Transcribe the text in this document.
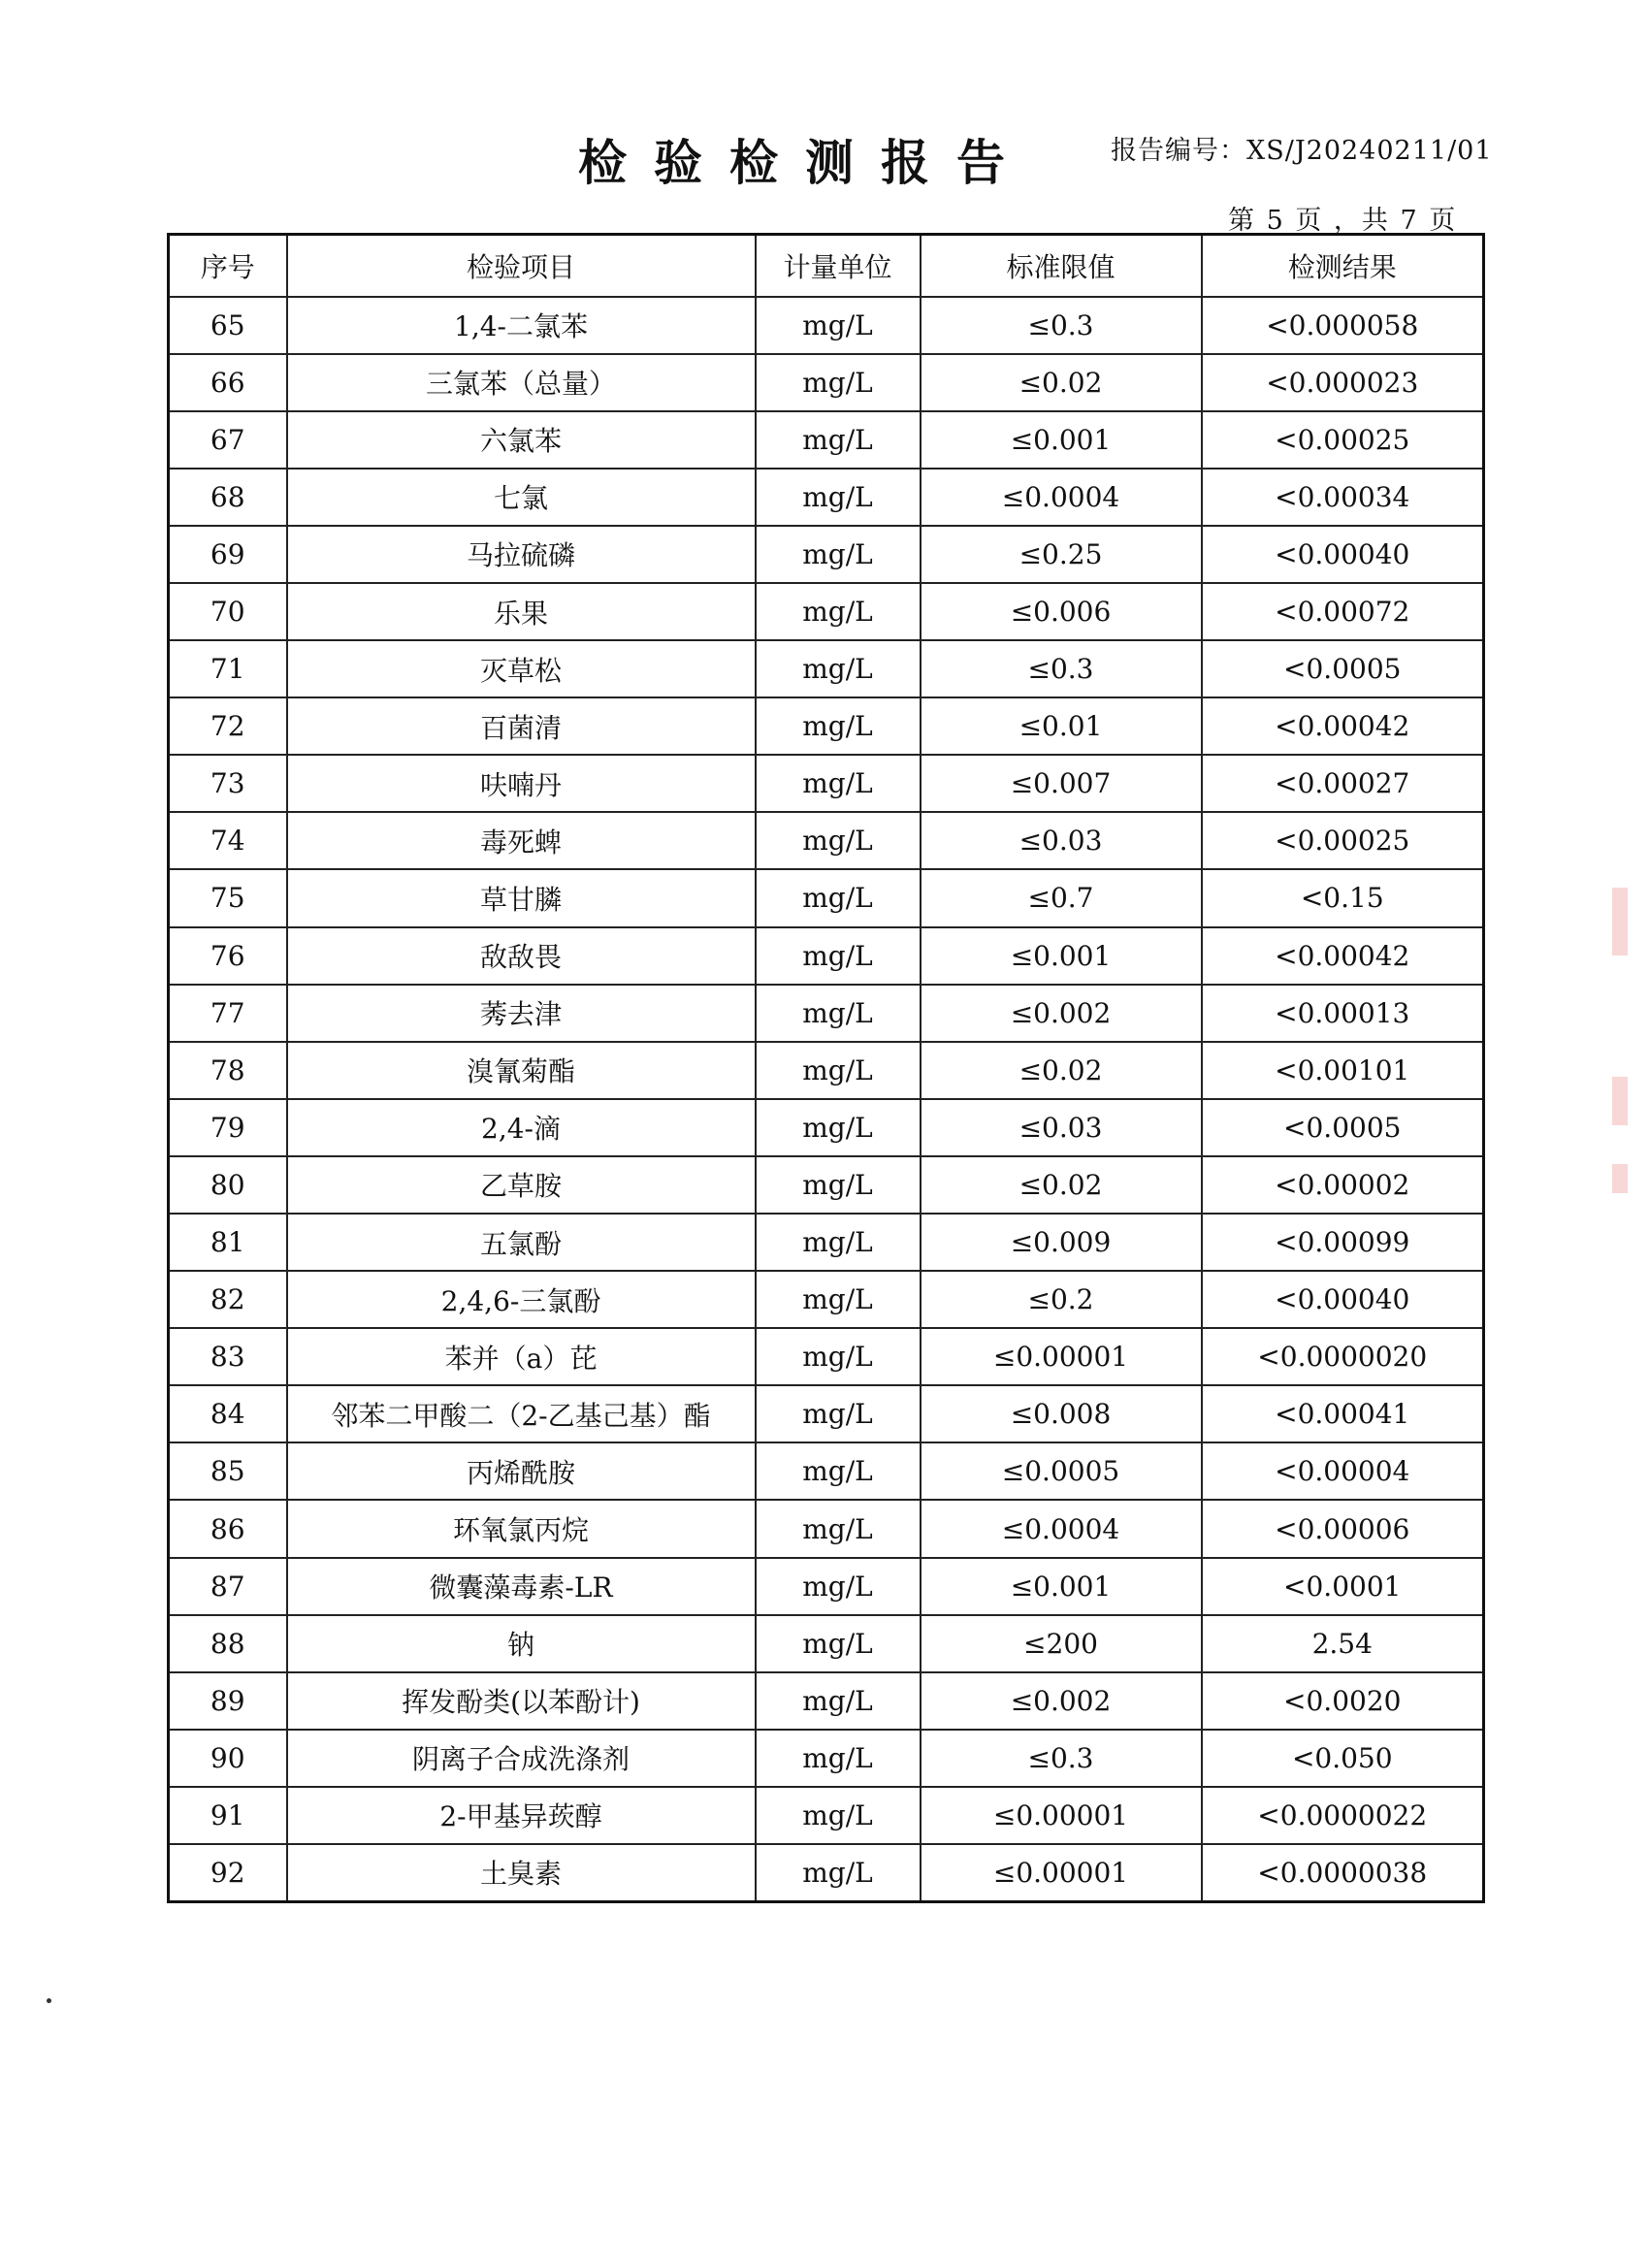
检验检测报告	报告编号：XS/J20240211/01
第 5 页 ，共 7 页
序号	检验项目	计量单位	标准限值	检测结果
65	1,4-二氯苯	mg/L	≤0.3	<0.000058
66	三氯苯（总量）	mg/L	≤0.02	<0.000023
67	六氯苯	mg/L	≤0.001	<0.00025
68	七氯	mg/L	≤0.0004	<0.00034
69	马拉硫磷	mg/L	≤0.25	<0.00040
70	乐果	mg/L	≤0.006	<0.00072
71	灭草松	mg/L	≤0.3	<0.0005
72	百菌清	mg/L	≤0.01	<0.00042
73	呋喃丹	mg/L	≤0.007	<0.00027
74	毒死蜱	mg/L	≤0.03	<0.00025
75	草甘膦	mg/L	≤0.7	<0.15
76	敌敌畏	mg/L	≤0.001	<0.00042
77	莠去津	mg/L	≤0.002	<0.00013
78	溴氰菊酯	mg/L	≤0.02	<0.00101
79	2,4-滴	mg/L	≤0.03	<0.0005
80	乙草胺	mg/L	≤0.02	<0.00002
81	五氯酚	mg/L	≤0.009	<0.00099
82	2,4,6-三氯酚	mg/L	≤0.2	<0.00040
83	苯并（a）芘	mg/L	≤0.00001	<0.0000020
84	邻苯二甲酸二（2-乙基己基）酯	mg/L	≤0.008	<0.00041
85	丙烯酰胺	mg/L	≤0.0005	<0.00004
86	环氧氯丙烷	mg/L	≤0.0004	<0.00006
87	微囊藻毒素-LR	mg/L	≤0.001	<0.0001
88	钠	mg/L	≤200	2.54
89	挥发酚类(以苯酚计)	mg/L	≤0.002	<0.0020
90	阴离子合成洗涤剂	mg/L	≤0.3	<0.050
91	2-甲基异莰醇	mg/L	≤0.00001	<0.0000022
92	土臭素	mg/L	≤0.00001	<0.0000038
